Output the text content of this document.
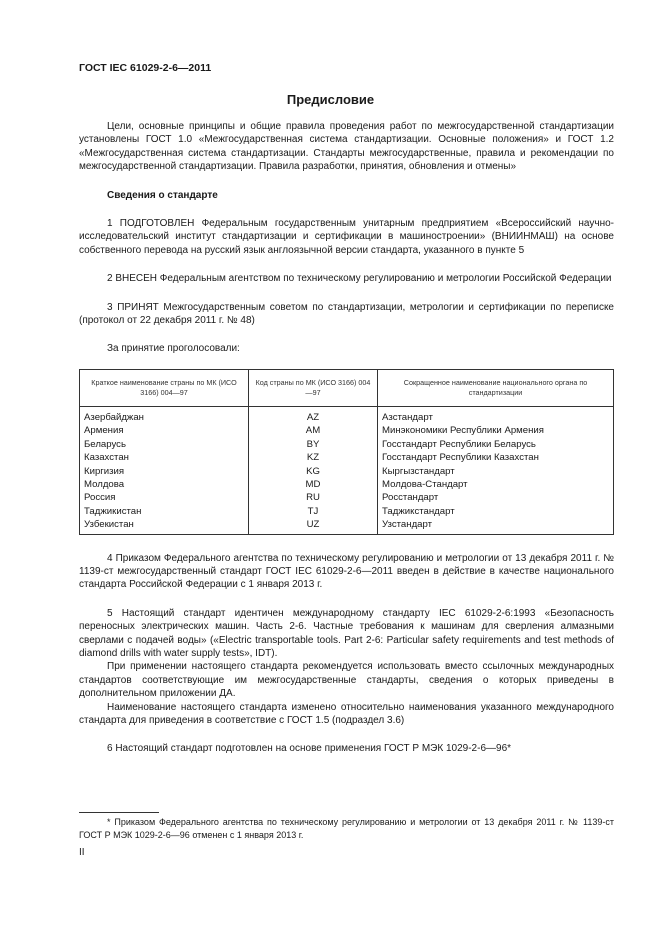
ГОСТ IEC 61029-2-6—2011
Предисловие

Цели, основные принципы и общие правила проведения работ по межгосударственной стандартизации установлены ГОСТ 1.0 «Межгосударственная система стандартизации. Основные положения» и ГОСТ 1.2 «Межгосударственная система стандартизации. Стандарты межгосударственные, правила и рекомендации по межгосударственной стандартизации. Правила разработки, принятия, обновления и отмены»

Сведения о стандарте

1 ПОДГОТОВЛЕН Федеральным государственным унитарным предприятием «Всероссийский научно-исследовательский институт стандартизации и сертификации в машиностроении» (ВНИИНМАШ) на основе собственного перевода на русский язык англоязычной версии стандарта, указанного в пункте 5

2 ВНЕСЕН Федеральным агентством по техническому регулированию и метрологии Российской Федерации

3 ПРИНЯТ Межгосударственным советом по стандартизации, метрологии и сертификации по переписке (протокол от 22 декабря 2011 г. № 48)

За принятие проголосовали:

Краткое наименование страны по МК (ИСО 3166) 004—97	Код страны по МК (ИСО 3166) 004—97	Сокращенное наименование национального органа по стандартизации
Азербайджан	AZ	Азстандарт
Армения	AM	Минэкономики Республики Армения
Беларусь	BY	Госстандарт Республики Беларусь
Казахстан	KZ	Госстандарт Республики Казахстан
Киргизия	KG	Кыргызстандарт
Молдова	MD	Молдова-Стандарт
Россия	RU	Росстандарт
Таджикистан	TJ	Таджикстандарт
Узбекистан	UZ	Узстандарт

4 Приказом Федерального агентства по техническому регулированию и метрологии от 13 декабря 2011 г. № 1139-ст межгосударственный стандарт ГОСТ IEC 61029-2-6—2011 введен в действие в качестве национального стандарта Российской Федерации с 1 января 2013 г.

5 Настоящий стандарт идентичен международному стандарту IEC 61029-2-6:1993 «Безопасность переносных электрических машин. Часть 2-6. Частные требования к машинам для сверления алмазными сверлами с подачей воды» («Electric transportable tools. Part 2-6: Particular safety requirements and test methods of diamond drills with water supply tests», IDT).

При применении настоящего стандарта рекомендуется использовать вместо ссылочных международных стандартов соответствующие им межгосударственные стандарты, сведения о которых приведены в дополнительном приложении ДА.

Наименование настоящего стандарта изменено относительно наименования указанного международного стандарта для приведения в соответствие с ГОСТ 1.5 (подраздел 3.6)

6 Настоящий стандарт подготовлен на основе применения ГОСТ Р МЭК 1029-2-6—96*

* Приказом Федерального агентства по техническому регулированию и метрологии от 13 декабря 2011 г. № 1139-ст ГОСТ Р МЭК 1029-2-6—96 отменен с 1 января 2013 г.

II
